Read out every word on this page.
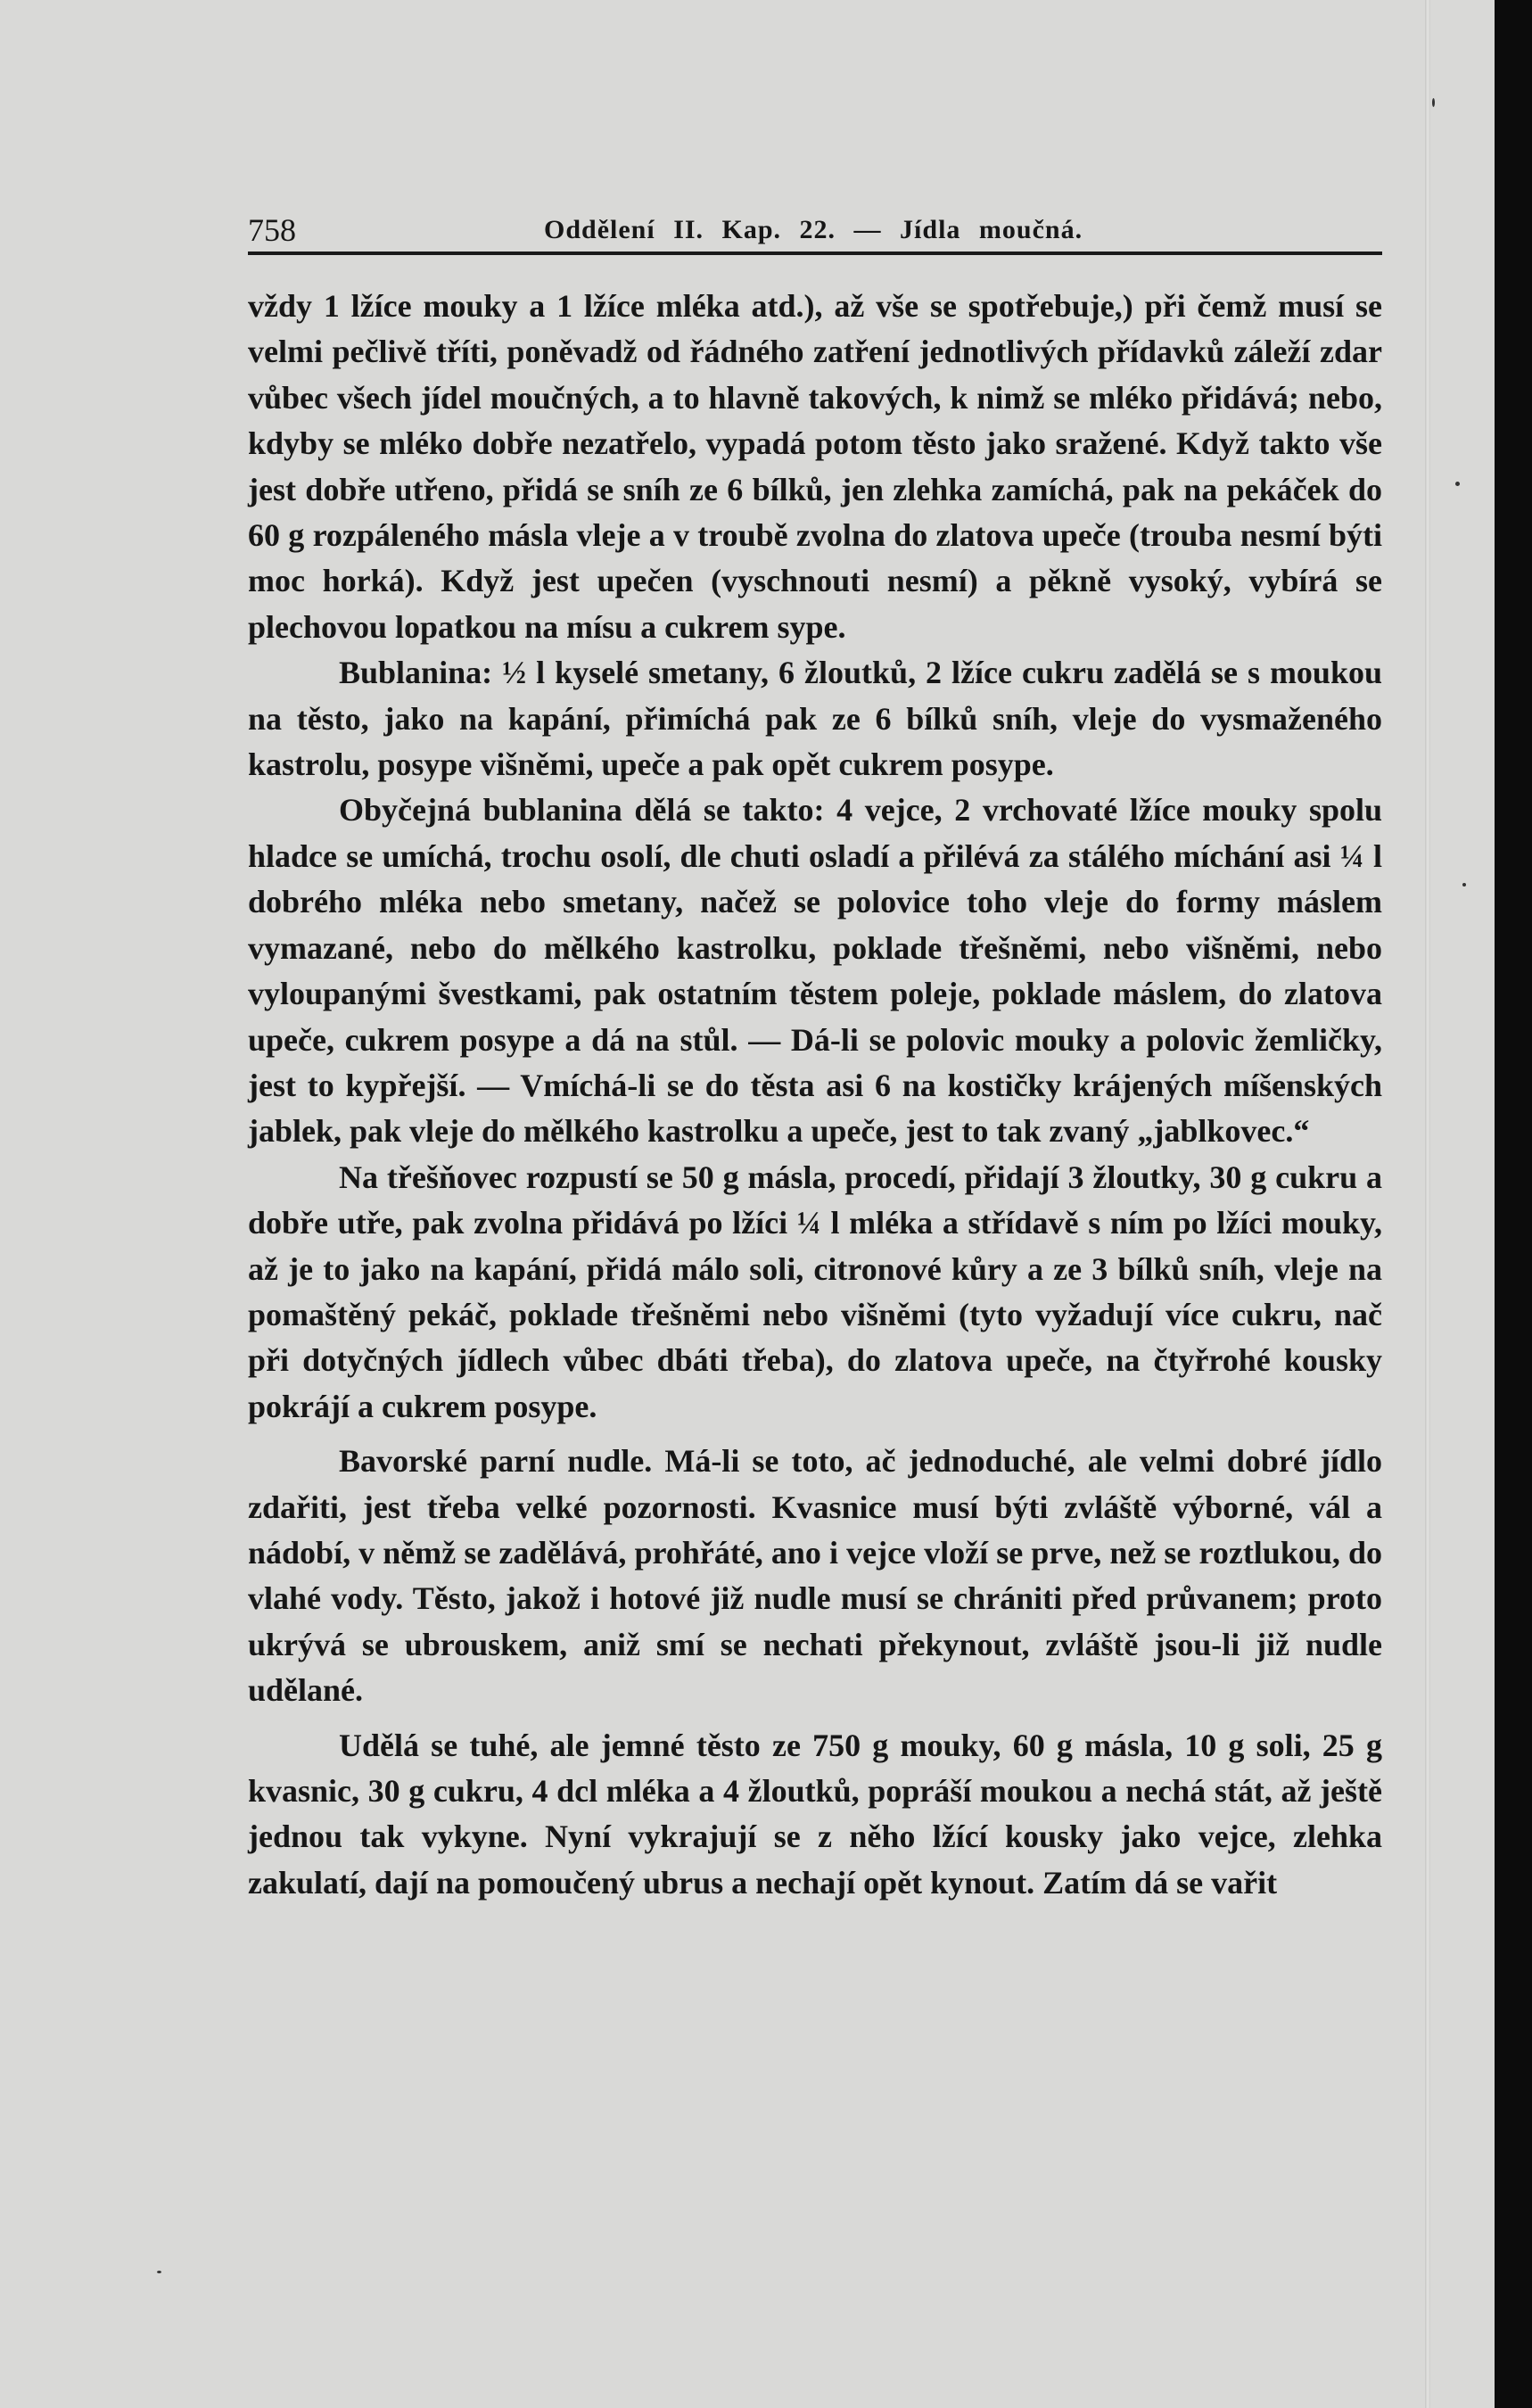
758	Oddělení II. Kap. 22. — Jídla moučná.

vždy 1 lžíce mouky a 1 lžíce mléka atd.), až vše se spotřebuje,) při čemž musí se velmi pečlivě tříti, poněvadž od řádného zatření jednotlivých přídavků záleží zdar vůbec všech jídel moučných, a to hlavně takových, k nimž se mléko přidává; nebo, kdyby se mléko dobře nezatřelo, vypadá potom těsto jako sražené. Když takto vše jest dobře utřeno, přidá se sníh ze 6 bílků, jen zlehka zamíchá, pak na pekáček do 60 g rozpáleného másla vleje a v troubě zvolna do zlatova upeče (trouba nesmí býti moc horká). Když jest upečen (vyschnouti nesmí) a pěkně vysoký, vybírá se plechovou lopatkou na mísu a cukrem sype.

Bublanina: ½ l kyselé smetany, 6 žloutků, 2 lžíce cukru zadělá se s moukou na těsto, jako na kapání, přimíchá pak ze 6 bílků sníh, vleje do vysmaženého kastrolu, posype višněmi, upeče a pak opět cukrem posype.

Obyčejná bublanina dělá se takto: 4 vejce, 2 vrchovaté lžíce mouky spolu hladce se umíchá, trochu osolí, dle chuti osladí a přilévá za stálého míchání asi ¼ l dobrého mléka nebo smetany, načež se polovice toho vleje do formy máslem vymazané, nebo do mělkého kastrolku, poklade třešněmi, nebo višněmi, nebo vyloupanými švestkami, pak ostatním těstem poleje, poklade máslem, do zlatova upeče, cukrem posype a dá na stůl. — Dá-li se polovic mouky a polovic žemličky, jest to kypřejší. — Vmíchá-li se do těsta asi 6 na kostičky krájených míšenských jablek, pak vleje do mělkého kastrolku a upeče, jest to tak zvaný „jablkovec.“

Na třešňovec rozpustí se 50 g másla, procedí, přidají 3 žloutky, 30 g cukru a dobře utře, pak zvolna přidává po lžíci ¼ l mléka a střídavě s ním po lžíci mouky, až je to jako na kapání, přidá málo soli, citronové kůry a ze 3 bílků sníh, vleje na pomaštěný pekáč, poklade třešněmi nebo višněmi (tyto vyžadují více cukru, nač při dotyčných jídlech vůbec dbáti třeba), do zlatova upeče, na čtyřrohé kousky pokrájí a cukrem posype.

Bavorské parní nudle. Má-li se toto, ač jednoduché, ale velmi dobré jídlo zdařiti, jest třeba velké pozornosti. Kvasnice musí býti zvláště výborné, vál a nádobí, v němž se zadělává, prohřáté, ano i vejce vloží se prve, než se roztlukou, do vlahé vody. Těsto, jakož i hotové již nudle musí se chrániti před průvanem; proto ukrývá se ubrouskem, aniž smí se nechati překynout, zvláště jsou-li již nudle udělané.

Udělá se tuhé, ale jemné těsto ze 750 g mouky, 60 g másla, 10 g soli, 25 g kvasnic, 30 g cukru, 4 dcl mléka a 4 žloutků, popráší moukou a nechá stát, až ještě jednou tak vykyne. Nyní vykrajují se z něho lžící kousky jako vejce, zlehka zakulatí, dají na pomoučený ubrus a nechají opět kynout. Zatím dá se vařit
